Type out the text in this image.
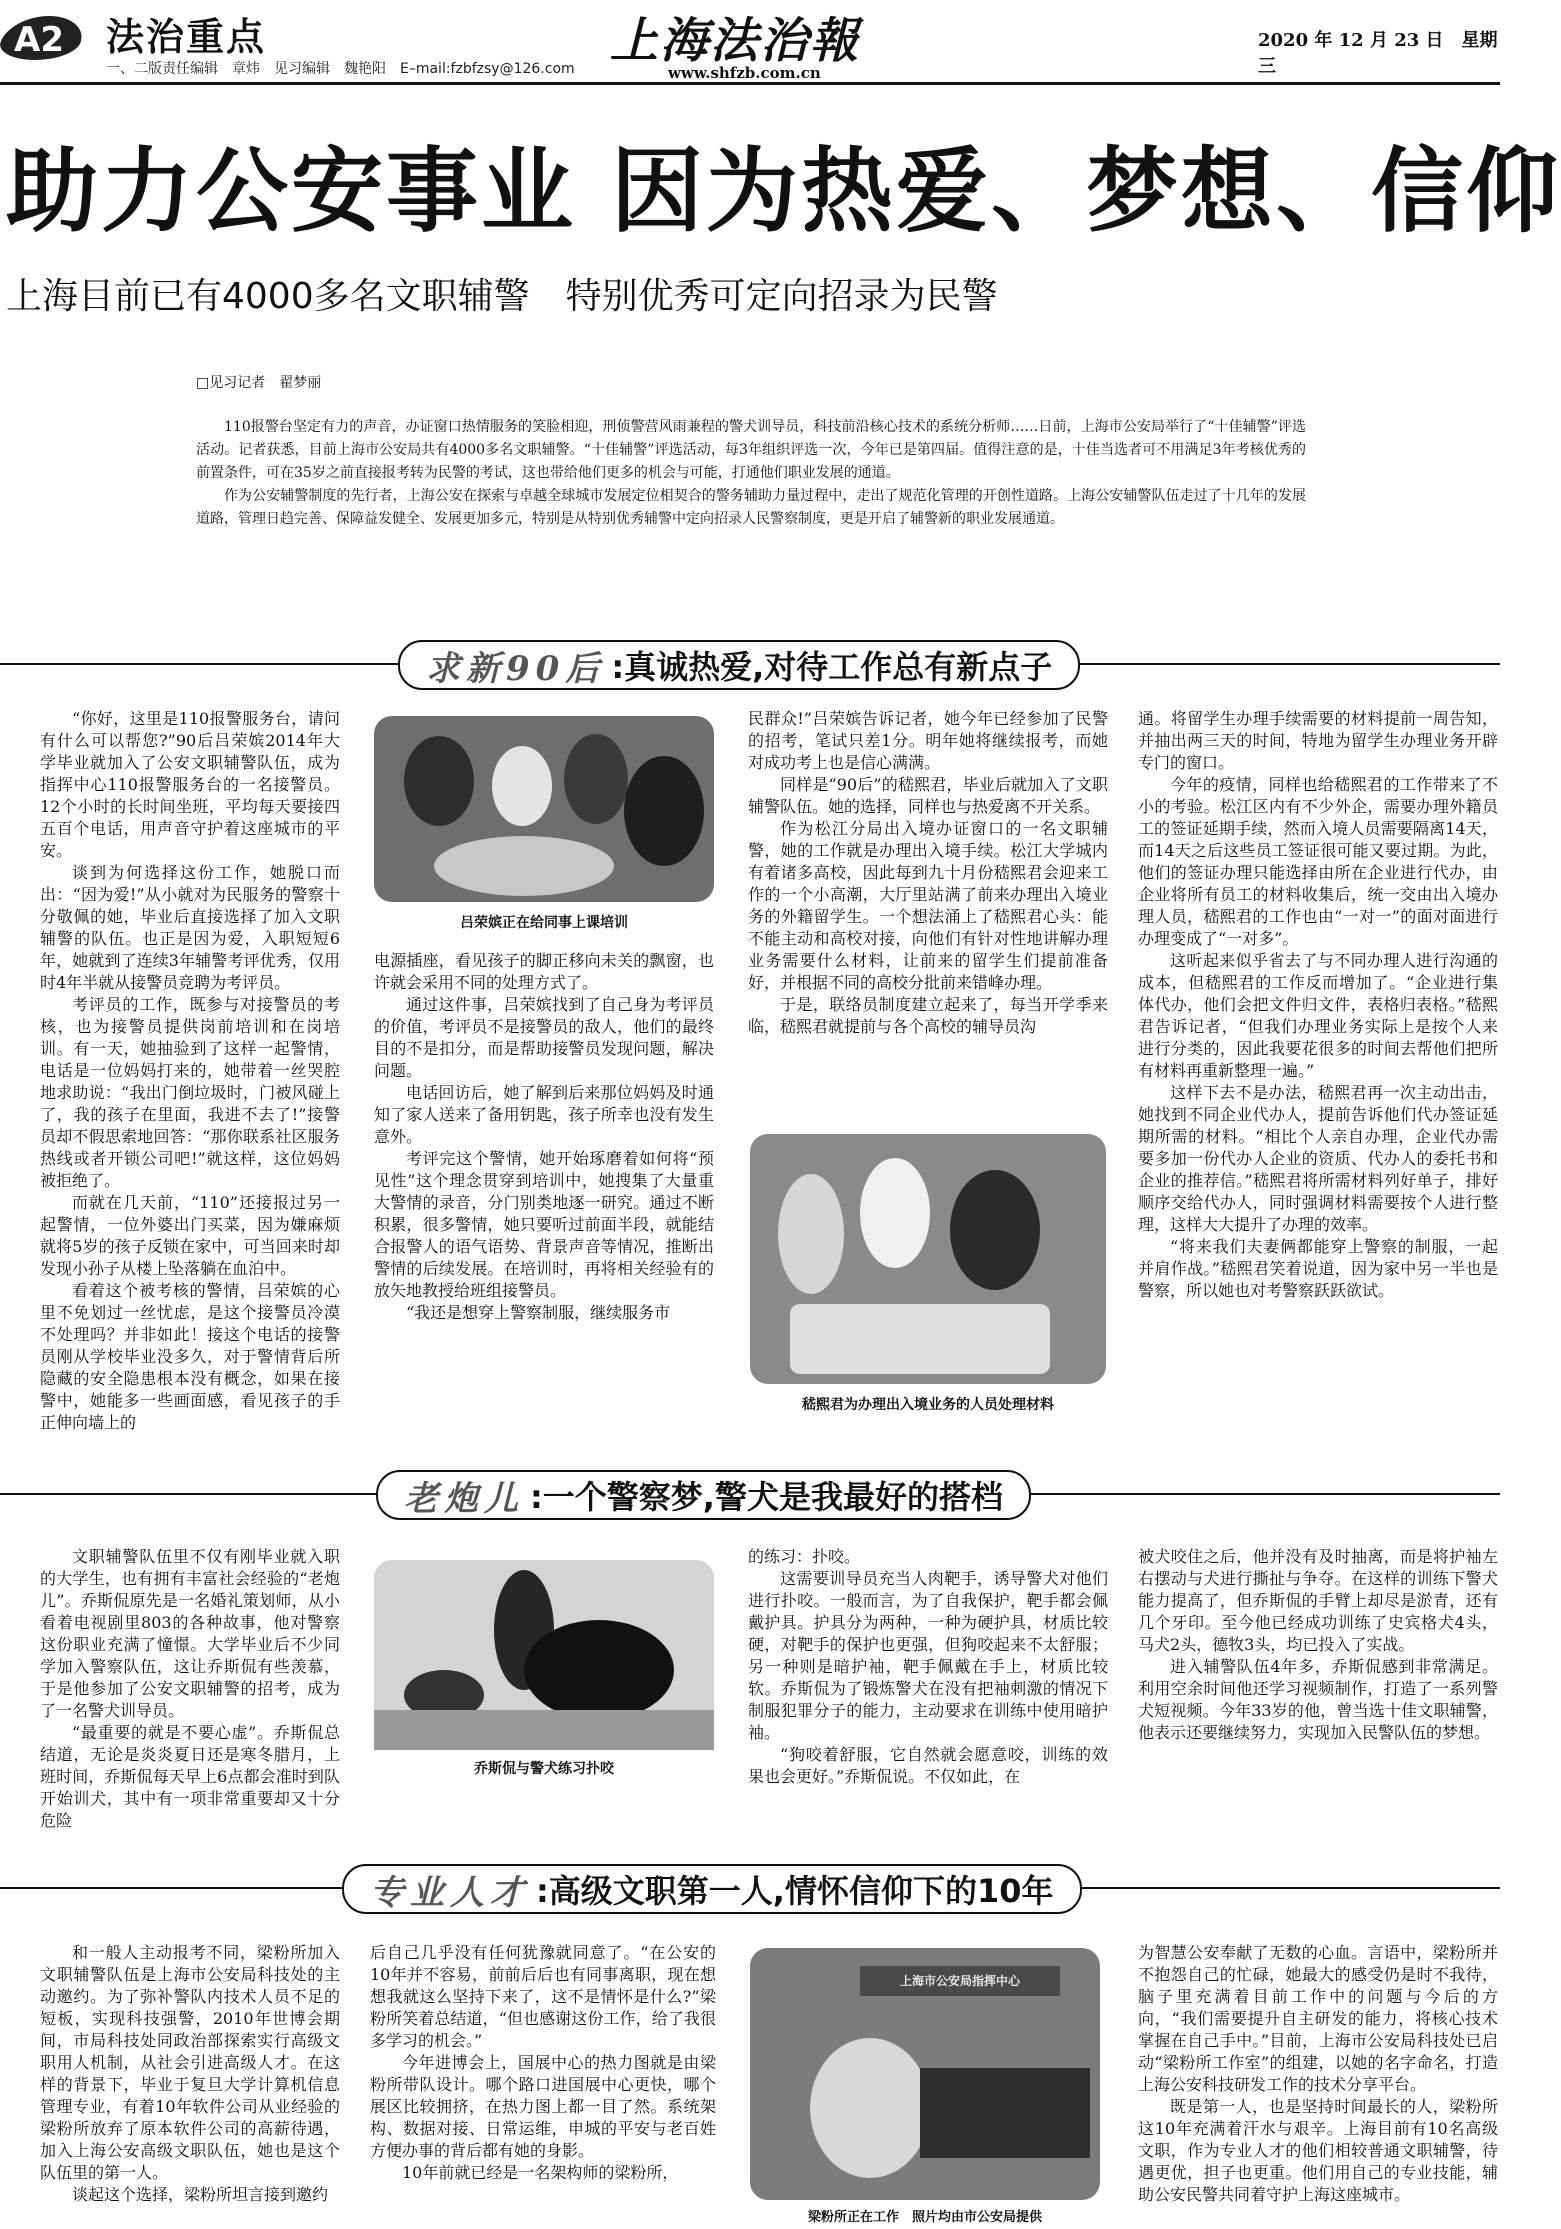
A2 法治重点
一、二版责任编辑　章炜　见习编辑　魏艳阳　E–mail:fzbfzsy@126.com 上海法治報
www.shfzb.com.cn
2020 年 12 月 23 日　星期三
助力公安事业 因为热爱、梦想、信仰
上海目前已有4000多名文职辅警　特别优秀可定向招录为民警
□见习记者　翟梦丽

110报警台坚定有力的声音，办证窗口热情服务的笑脸相迎，刑侦警营风雨兼程的警犬训导员，科技前沿核心技术的系统分析师……日前，上海市公安局举行了“十佳辅警”评选活动。记者获悉，目前上海市公安局共有4000多名文职辅警。“十佳辅警”评选活动，每3年组织评选一次，今年已是第四届。值得注意的是，十佳当选者可不用满足3年考核优秀的前置条件，可在35岁之前直接报考转为民警的考试，这也带给他们更多的机会与可能，打通他们职业发展的通道。

作为公安辅警制度的先行者，上海公安在探索与卓越全球城市发展定位相契合的警务辅助力量过程中，走出了规范化管理的开创性道路。上海公安辅警队伍走过了十几年的发展道路，管理日趋完善、保障益发健全、发展更加多元，特别是从特别优秀辅警中定向招录人民警察制度，更是开启了辅警新的职业发展通道。

求新90后 :真诚热爱,对待工作总有新点子

“你好，这里是110报警服务台，请问有什么可以帮您?”90后吕荣嫔2014年大学毕业就加入了公安文职辅警队伍，成为指挥中心110报警服务台的一名接警员。12个小时的长时间坐班，平均每天要接四五百个电话，用声音守护着这座城市的平安。

谈到为何选择这份工作，她脱口而出：“因为爱!”从小就对为民服务的警察十分敬佩的她，毕业后直接选择了加入文职辅警的队伍。也正是因为爱，入职短短6年，她就到了连续3年辅警考评优秀，仅用时4年半就从接警员竞聘为考评员。

考评员的工作，既参与对接警员的考核，也为接警员提供岗前培训和在岗培训。有一天，她抽验到了这样一起警情，电话是一位妈妈打来的，她带着一丝哭腔地求助说：“我出门倒垃圾时，门被风碰上了，我的孩子在里面，我进不去了!”接警员却不假思索地回答：“那你联系社区服务热线或者开锁公司吧!”就这样，这位妈妈被拒绝了。

而就在几天前，“110”还接报过另一起警情，一位外婆出门买菜，因为嫌麻烦就将5岁的孩子反锁在家中，可当回来时却发现小孙子从楼上坠落躺在血泊中。

看着这个被考核的警情，吕荣嫔的心里不免划过一丝忧虑，是这个接警员冷漠不处理吗？并非如此！接这个电话的接警员刚从学校毕业没多久，对于警情背后所隐藏的安全隐患根本没有概念，如果在接警中，她能多一些画面感，看见孩子的手正伸向墙上的

吕荣嫔正在给同事上课培训

电源插座，看见孩子的脚正移向未关的飘窗，也许就会采用不同的处理方式了。

通过这件事，吕荣嫔找到了自己身为考评员的价值，考评员不是接警员的敌人，他们的最终目的不是扣分，而是帮助接警员发现问题，解决问题。

电话回访后，她了解到后来那位妈妈及时通知了家人送来了备用钥匙，孩子所幸也没有发生意外。

考评完这个警情，她开始琢磨着如何将“预见性”这个理念贯穿到培训中，她搜集了大量重大警情的录音，分门别类地逐一研究。通过不断积累，很多警情，她只要听过前面半段，就能结合报警人的语气语势、背景声音等情况，推断出警情的后续发展。在培训时，再将相关经验有的放矢地教授给班组接警员。

“我还是想穿上警察制服，继续服务市

民群众!”吕荣嫔告诉记者，她今年已经参加了民警的招考，笔试只差1分。明年她将继续报考，而她对成功考上也是信心满满。

同样是“90后”的嵇熙君，毕业后就加入了文职辅警队伍。她的选择，同样也与热爱离不开关系。

作为松江分局出入境办证窗口的一名文职辅警，她的工作就是办理出入境手续。松江大学城内有着诸多高校，因此每到九十月份嵇熙君会迎来工作的一个小高潮，大厅里站满了前来办理出入境业务的外籍留学生。一个想法涌上了嵇熙君心头：能不能主动和高校对接，向他们有针对性地讲解办理业务需要什么材料，让前来的留学生们提前准备好，并根据不同的高校分批前来错峰办理。

于是，联络员制度建立起来了，每当开学季来临，嵇熙君就提前与各个高校的辅导员沟

嵇熙君为办理出入境业务的人员处理材料

通。将留学生办理手续需要的材料提前一周告知，并抽出两三天的时间，特地为留学生办理业务开辟专门的窗口。

今年的疫情，同样也给嵇熙君的工作带来了不小的考验。松江区内有不少外企，需要办理外籍员工的签证延期手续，然而入境人员需要隔离14天，而14天之后这些员工签证很可能又要过期。为此，他们的签证办理只能选择由所在企业进行代办，由企业将所有员工的材料收集后，统一交由出入境办理人员，嵇熙君的工作也由“一对一”的面对面进行办理变成了“一对多”。

这听起来似乎省去了与不同办理人进行沟通的成本，但嵇熙君的工作反而增加了。“企业进行集体代办，他们会把文件归文件，表格归表格。”嵇熙君告诉记者，“但我们办理业务实际上是按个人来进行分类的，因此我要花很多的时间去帮他们把所有材料再重新整理一遍。”

这样下去不是办法，嵇熙君再一次主动出击，她找到不同企业代办人，提前告诉他们代办签证延期所需的材料。“相比个人亲自办理，企业代办需要多加一份代办人企业的资质、代办人的委托书和企业的推荐信。”嵇熙君将所需材料列好单子，排好顺序交给代办人，同时强调材料需要按个人进行整理，这样大大提升了办理的效率。

“将来我们夫妻俩都能穿上警察的制服，一起并肩作战。”嵇熙君笑着说道，因为家中另一半也是警察，所以她也对考警察跃跃欲试。

老炮儿 :一个警察梦,警犬是我最好的搭档

文职辅警队伍里不仅有刚毕业就入职的大学生，也有拥有丰富社会经验的“老炮儿”。乔斯侃原先是一名婚礼策划师，从小看着电视剧里803的各种故事，他对警察这份职业充满了憧憬。大学毕业后不少同学加入警察队伍，这让乔斯侃有些羡慕，于是他参加了公安文职辅警的招考，成为了一名警犬训导员。

“最重要的就是不要心虚”。乔斯侃总结道，无论是炎炎夏日还是寒冬腊月，上班时间，乔斯侃每天早上6点都会准时到队开始训犬，其中有一项非常重要却又十分危险

乔斯侃与警犬练习扑咬

的练习：扑咬。

这需要训导员充当人肉靶手，诱导警犬对他们进行扑咬。一般而言，为了自我保护，靶手都会佩戴护具。护具分为两种，一种为硬护具，材质比较硬，对靶手的保护也更强，但狗咬起来不太舒服；另一种则是暗护袖，靶手佩戴在手上，材质比较软。乔斯侃为了锻炼警犬在没有把袖刺激的情况下制服犯罪分子的能力，主动要求在训练中使用暗护袖。

“狗咬着舒服，它自然就会愿意咬，训练的效果也会更好。”乔斯侃说。不仅如此，在

被犬咬住之后，他并没有及时抽离，而是将护袖左右摆动与犬进行撕扯与争夺。在这样的训练下警犬能力提高了，但乔斯侃的手臂上却尽是淤青，还有几个牙印。至今他已经成功训练了史宾格犬4头，马犬2头，德牧3头，均已投入了实战。

进入辅警队伍4年多，乔斯侃感到非常满足。利用空余时间他还学习视频制作，打造了一系列警犬短视频。今年33岁的他，曾当选十佳文职辅警，他表示还要继续努力，实现加入民警队伍的梦想。

专业人才 :高级文职第一人,情怀信仰下的10年

和一般人主动报考不同，梁粉所加入文职辅警队伍是上海市公安局科技处的主动邀约。为了弥补警队内技术人员不足的短板，实现科技强警，2010年世博会期间，市局科技处同政治部探索实行高级文职用人机制，从社会引进高级人才。在这样的背景下，毕业于复旦大学计算机信息管理专业，有着10年软件公司从业经验的梁粉所放弃了原本软件公司的高薪待遇，加入上海公安高级文职队伍，她也是这个队伍里的第一人。

谈起这个选择，梁粉所坦言接到邀约

后自己几乎没有任何犹豫就同意了。“在公安的10年并不容易，前前后后也有同事离职，现在想想我就这么坚持下来了，这不是情怀是什么?”梁粉所笑着总结道，“但也感谢这份工作，给了我很多学习的机会。”

今年进博会上，国展中心的热力图就是由梁粉所带队设计。哪个路口进国展中心更快，哪个展区比较拥挤，在热力图上都一目了然。系统架构、数据对接、日常运维，申城的平安与老百姓方便办事的背后都有她的身影。

10年前就已经是一名架构师的梁粉所，

上海市公安局指挥中心
梁粉所正在工作　照片均由市公安局提供

为智慧公安奉献了无数的心血。言语中，梁粉所并不抱怨自己的忙碌，她最大的感受仍是时不我待，脑子里充满着目前工作中的问题与今后的方向，“我们需要提升自主研发的能力，将核心技术掌握在自己手中。”目前，上海市公安局科技处已启动“梁粉所工作室”的组建，以她的名字命名，打造上海公安科技研发工作的技术分享平台。

既是第一人，也是坚持时间最长的人，梁粉所这10年充满着汗水与艰辛。上海目前有10名高级文职，作为专业人才的他们相较普通文职辅警，待遇更优，担子也更重。他们用自己的专业技能，辅助公安民警共同着守护上海这座城市。
